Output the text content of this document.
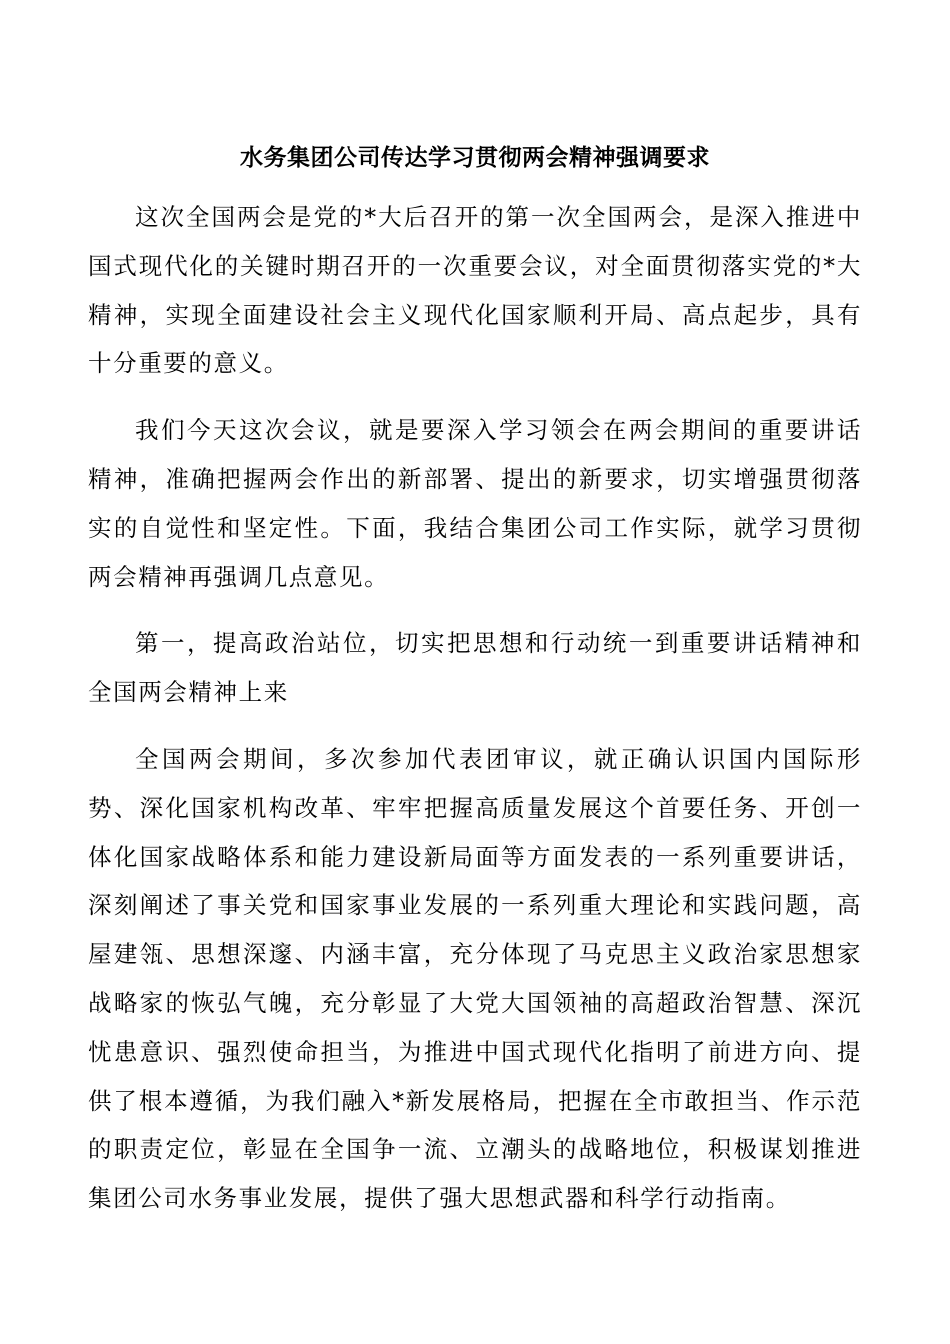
水务集团公司传达学习贯彻两会精神强调要求

这次全国两会是党的*大后召开的第一次全国两会，是深入推进中国式现代化的关键时期召开的一次重要会议，对全面贯彻落实党的*大精神，实现全面建设社会主义现代化国家顺利开局、高点起步，具有十分重要的意义。

我们今天这次会议，就是要深入学习领会在两会期间的重要讲话精神，准确把握两会作出的新部署、提出的新要求，切实增强贯彻落实的自觉性和坚定性。下面，我结合集团公司工作实际，就学习贯彻两会精神再强调几点意见。

第一，提高政治站位，切实把思想和行动统一到重要讲话精神和全国两会精神上来

全国两会期间，多次参加代表团审议，就正确认识国内国际形势、深化国家机构改革、牢牢把握高质量发展这个首要任务、开创一体化国家战略体系和能力建设新局面等方面发表的一系列重要讲话，深刻阐述了事关党和国家事业发展的一系列重大理论和实践问题，高屋建瓴、思想深邃、内涵丰富，充分体现了马克思主义政治家思想家战略家的恢弘气魄，充分彰显了大党大国领袖的高超政治智慧、深沉忧患意识、强烈使命担当，为推进中国式现代化指明了前进方向、提供了根本遵循，为我们融入*新发展格局，把握在全市敢担当、作示范的职责定位，彰显在全国争一流、立潮头的战略地位，积极谋划推进集团公司水务事业发展，提供了强大思想武器和科学行动指南。
